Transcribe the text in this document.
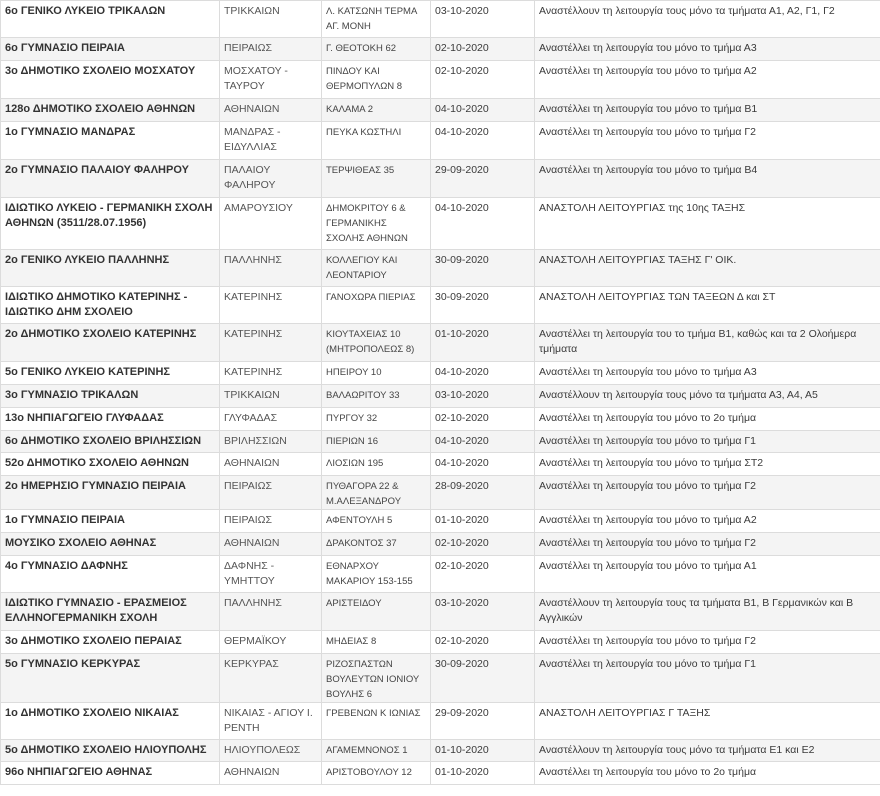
6ο ΓΕΝΙΚΟ ΛΥΚΕΙΟ ΤΡΙΚΑΛΩΝ	ΤΡΙΚΚΑΙΩΝ	Λ. ΚΑΤΣΩΝΗ ΤΕΡΜΑ ΑΓ. ΜΟΝΗ	03-10-2020	Αναστέλλουν τη λειτουργία τους μόνο τα τμήματα Α1, Α2, Γ1, Γ2
6ο ΓΥΜΝΑΣΙΟ ΠΕΙΡΑΙΑ	ΠΕΙΡΑΙΩΣ	Γ. ΘΕΟΤΟΚΗ 62	02-10-2020	Αναστέλλει τη λειτουργία του μόνο το τμήμα Α3
3ο ΔΗΜΟΤΙΚΟ ΣΧΟΛΕΙΟ ΜΟΣΧΑΤΟΥ	ΜΟΣΧΑΤΟΥ - ΤΑΥΡΟΥ	ΠΙΝΔΟΥ ΚΑΙ ΘΕΡΜΟΠΥΛΩΝ 8	02-10-2020	Αναστέλλει τη λειτουργία του μόνο το τμήμα Α2
128ο ΔΗΜΟΤΙΚΟ ΣΧΟΛΕΙΟ ΑΘΗΝΩΝ	ΑΘΗΝΑΙΩΝ	ΚΑΛΑΜΑ 2	04-10-2020	Αναστέλλει τη λειτουργία του μόνο το τμήμα Β1
1ο ΓΥΜΝΑΣΙΟ ΜΑΝΔΡΑΣ	ΜΑΝΔΡΑΣ - ΕΙΔΥΛΛΙΑΣ	ΠΕΥΚΑ ΚΩΣΤΗΛΙ	04-10-2020	Αναστέλλει τη λειτουργία του μόνο το τμήμα Γ2
2ο ΓΥΜΝΑΣΙΟ ΠΑΛΑΙΟΥ ΦΑΛΗΡΟΥ	ΠΑΛΑΙΟΥ ΦΑΛΗΡΟΥ	ΤΕΡΨΙΘΕΑΣ 35	29-09-2020	Αναστέλλει τη λειτουργία του μόνο το τμήμα Β4
ΙΔΙΩΤΙΚΟ ΛΥΚΕΙΟ - ΓΕΡΜΑΝΙΚΗ ΣΧΟΛΗ ΑΘΗΝΩΝ (3511/28.07.1956)	ΑΜΑΡΟΥΣΙΟΥ	ΔΗΜΟΚΡΙΤΟΥ 6 & ΓΕΡΜΑΝΙΚΗΣ ΣΧΟΛΗΣ ΑΘΗΝΩΝ	04-10-2020	ΑΝΑΣΤΟΛΗ ΛΕΙΤΟΥΡΓΙΑΣ της 10ης ΤΑΞΗΣ
2ο ΓΕΝΙΚΟ ΛΥΚΕΙΟ ΠΑΛΛΗΝΗΣ	ΠΑΛΛΗΝΗΣ	ΚΟΛΛΕΓΙΟΥ ΚΑΙ ΛΕΟΝΤΑΡΙΟΥ	30-09-2020	ΑΝΑΣΤΟΛΗ ΛΕΙΤΟΥΡΓΙΑΣ ΤΑΞΗΣ Γ' ΟΙΚ.
ΙΔΙΩΤΙΚΟ ΔΗΜΟΤΙΚΟ ΚΑΤΕΡΙΝΗΣ - ΙΔΙΩΤΙΚΟ ΔΗΜ ΣΧΟΛΕΙΟ	ΚΑΤΕΡΙΝΗΣ	ΓΑΝΟΧΩΡΑ ΠΙΕΡΙΑΣ	30-09-2020	ΑΝΑΣΤΟΛΗ ΛΕΙΤΟΥΡΓΙΑΣ ΤΩΝ ΤΑΞΕΩΝ Δ και ΣΤ
2ο ΔΗΜΟΤΙΚΟ ΣΧΟΛΕΙΟ ΚΑΤΕΡΙΝΗΣ	ΚΑΤΕΡΙΝΗΣ	ΚΙΟΥΤΑΧΕΙΑΣ 10 (ΜΗΤΡΟΠΟΛΕΩΣ 8)	01-10-2020	Αναστέλλει τη λειτουργία του το τμήμα Β1, καθώς και τα 2 Ολοήμερα τμήματα
5ο ΓΕΝΙΚΟ ΛΥΚΕΙΟ ΚΑΤΕΡΙΝΗΣ	ΚΑΤΕΡΙΝΗΣ	ΗΠΕΙΡΟΥ 10	04-10-2020	Αναστέλλει τη λειτουργία του μόνο το τμήμα Α3
3ο ΓΥΜΝΑΣΙΟ ΤΡΙΚΑΛΩΝ	ΤΡΙΚΚΑΙΩΝ	ΒΑΛΑΩΡΙΤΟΥ 33	03-10-2020	Αναστέλλουν τη λειτουργία τους μόνο τα τμήματα Α3, Α4, Α5
13ο ΝΗΠΙΑΓΩΓΕΙΟ ΓΛΥΦΑΔΑΣ	ΓΛΥΦΑΔΑΣ	ΠΥΡΓΟΥ 32	02-10-2020	Αναστέλλει τη λειτουργία του μόνο το 2ο τμήμα
6ο ΔΗΜΟΤΙΚΟ ΣΧΟΛΕΙΟ ΒΡΙΛΗΣΣΙΩΝ	ΒΡΙΛΗΣΣΙΩΝ	ΠΙΕΡΙΩΝ 16	04-10-2020	Αναστέλλει τη λειτουργία του μόνο το τμήμα Γ1
52ο ΔΗΜΟΤΙΚΟ ΣΧΟΛΕΙΟ ΑΘΗΝΩΝ	ΑΘΗΝΑΙΩΝ	ΛΙΟΣΙΩΝ 195	04-10-2020	Αναστέλλει τη λειτουργία του μόνο το τμήμα ΣΤ2
2ο ΗΜΕΡΗΣΙΟ ΓΥΜΝΑΣΙΟ ΠΕΙΡΑΙΑ	ΠΕΙΡΑΙΩΣ	ΠΥΘΑΓΟΡΑ 22 & Μ.ΑΛΕΞΑΝΔΡΟΥ	28-09-2020	Αναστέλλει τη λειτουργία του μόνο το τμήμα Γ2
1ο ΓΥΜΝΑΣΙΟ ΠΕΙΡΑΙΑ	ΠΕΙΡΑΙΩΣ	ΑΦΕΝΤΟΥΛΗ 5	01-10-2020	Αναστέλλει τη λειτουργία του μόνο το τμήμα Α2
ΜΟΥΣΙΚΟ ΣΧΟΛΕΙΟ ΑΘΗΝΑΣ	ΑΘΗΝΑΙΩΝ	ΔΡΑΚΟΝΤΟΣ 37	02-10-2020	Αναστέλλει τη λειτουργία του μόνο το τμήμα Γ2
4ο ΓΥΜΝΑΣΙΟ ΔΑΦΝΗΣ	ΔΑΦΝΗΣ - ΥΜΗΤΤΟΥ	ΕΘΝΑΡΧΟΥ ΜΑΚΑΡΙΟΥ 153-155	02-10-2020	Αναστέλλει τη λειτουργία του μόνο το τμήμα Α1
ΙΔΙΩΤΙΚΟ ΓΥΜΝΑΣΙΟ - ΕΡΑΣΜΕΙΟΣ ΕΛΛΗΝΟΓΕΡΜΑΝΙΚΗ ΣΧΟΛΗ	ΠΑΛΛΗΝΗΣ	ΑΡΙΣΤΕΙΔΟΥ	03-10-2020	Αναστέλλουν τη λειτουργία τους τα τμήματα Β1, Β Γερμανικών και Β Αγγλικών
3ο ΔΗΜΟΤΙΚΟ ΣΧΟΛΕΙΟ ΠΕΡΑΙΑΣ	ΘΕΡΜΑΪΚΟΥ	ΜΗΔΕΙΑΣ 8	02-10-2020	Αναστέλλει τη λειτουργία του μόνο το τμήμα Γ2
5ο ΓΥΜΝΑΣΙΟ ΚΕΡΚΥΡΑΣ	ΚΕΡΚΥΡΑΣ	ΡΙΖΟΣΠΑΣΤΩΝ ΒΟΥΛΕΥΤΩΝ ΙΟΝΙΟΥ ΒΟΥΛΗΣ 6	30-09-2020	Αναστέλλει τη λειτουργία του μόνο το τμήμα Γ1
1ο ΔΗΜΟΤΙΚΟ ΣΧΟΛΕΙΟ ΝΙΚΑΙΑΣ	ΝΙΚΑΙΑΣ - ΑΓΙΟΥ Ι. ΡΕΝΤΗ	ΓΡΕΒΕΝΩΝ Κ ΙΩΝΙΑΣ	29-09-2020	ΑΝΑΣΤΟΛΗ ΛΕΙΤΟΥΡΓΙΑΣ Γ ΤΑΞΗΣ
5ο ΔΗΜΟΤΙΚΟ ΣΧΟΛΕΙΟ ΗΛΙΟΥΠΟΛΗΣ	ΗΛΙΟΥΠΟΛΕΩΣ	ΑΓΑΜΕΜΝΟΝΟΣ 1	01-10-2020	Αναστέλλουν τη λειτουργία τους μόνο τα τμήματα Ε1 και Ε2
96ο ΝΗΠΙΑΓΩΓΕΙΟ ΑΘΗΝΑΣ	ΑΘΗΝΑΙΩΝ	ΑΡΙΣΤΟΒΟΥΛΟΥ 12	01-10-2020	Αναστέλλει τη λειτουργία του μόνο το 2ο τμήμα
